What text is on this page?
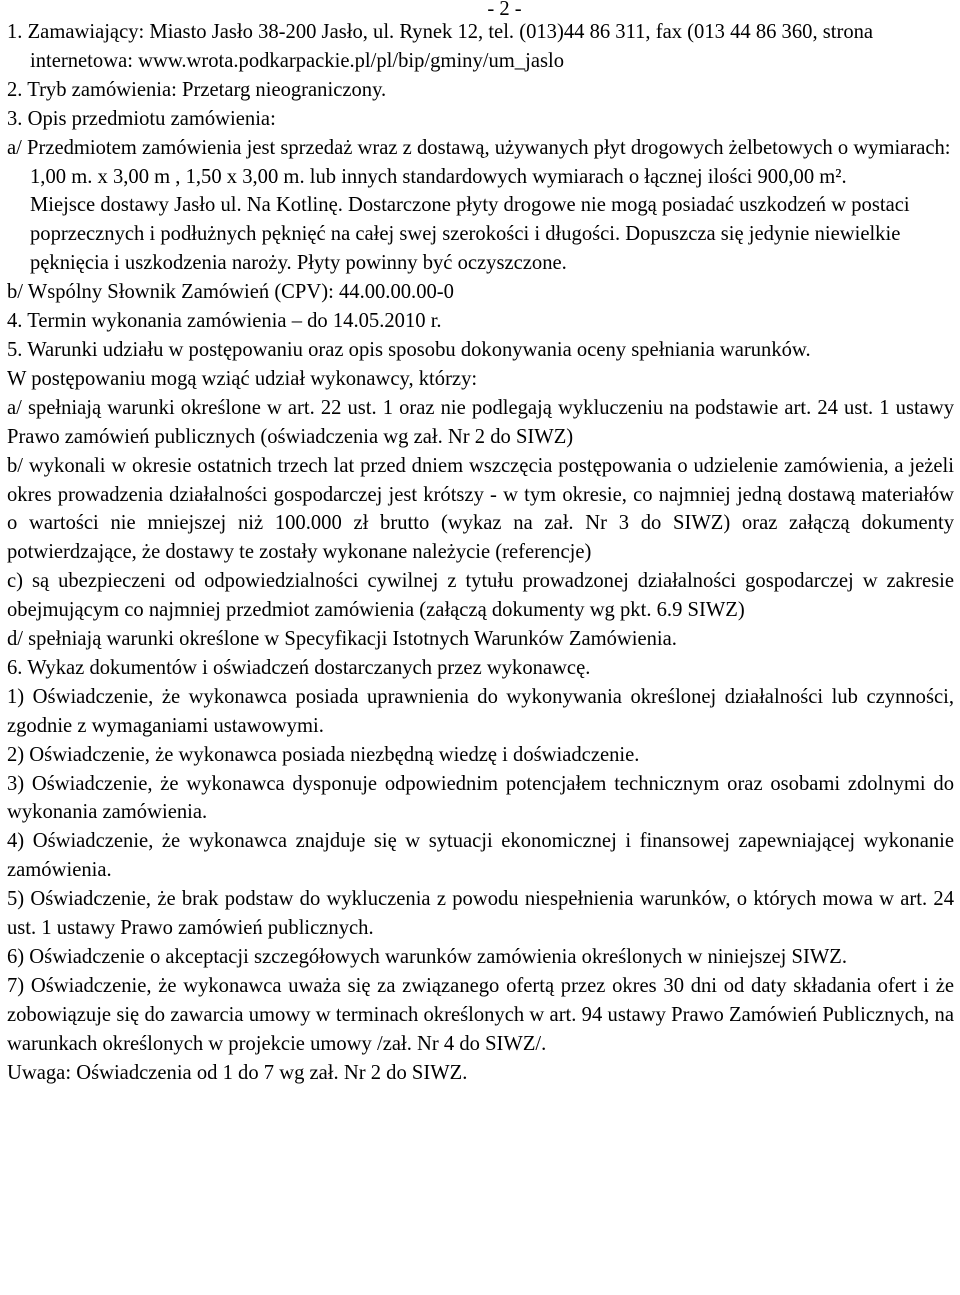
- 2 -

1. Zamawiający: Miasto Jasło 38-200 Jasło, ul. Rynek 12, tel. (013)44 86 311, fax (013 44 86 360, strona internetowa: www.wrota.podkarpackie.pl/pl/bip/gminy/um_jaslo

2. Tryb zamówienia: Przetarg nieograniczony.

3. Opis przedmiotu zamówienia:

a/ Przedmiotem zamówienia jest sprzedaż wraz z dostawą, używanych płyt drogowych żelbetowych o wymiarach: 1,00 m. x 3,00 m , 1,50 x 3,00 m. lub innych standardowych wymiarach o łącznej ilości 900,00 m².

Miejsce dostawy Jasło ul. Na Kotlinę. Dostarczone płyty drogowe nie mogą posiadać uszkodzeń w postaci poprzecznych i podłużnych pęknięć na całej swej szerokości i długości. Dopuszcza się jedynie niewielkie pęknięcia i uszkodzenia naroży. Płyty powinny być oczyszczone.

b/ Wspólny Słownik Zamówień (CPV): 44.00.00.00-0

4. Termin wykonania zamówienia – do 14.05.2010 r.

5. Warunki udziału w postępowaniu oraz opis sposobu dokonywania oceny spełniania warunków.

W postępowaniu mogą wziąć udział wykonawcy, którzy:

a/ spełniają warunki określone w art. 22 ust. 1 oraz nie podlegają wykluczeniu na podstawie art. 24 ust. 1 ustawy Prawo zamówień publicznych (oświadczenia wg zał. Nr 2 do SIWZ)

b/ wykonali w okresie ostatnich trzech lat przed dniem wszczęcia postępowania o udzielenie zamówienia, a jeżeli okres prowadzenia działalności gospodarczej jest krótszy - w tym okresie, co najmniej jedną dostawą materiałów o wartości nie mniejszej niż 100.000 zł brutto (wykaz na zał. Nr 3 do SIWZ) oraz załączą dokumenty potwierdzające, że dostawy te zostały wykonane należycie (referencje)

c) są ubezpieczeni od odpowiedzialności cywilnej z tytułu prowadzonej działalności gospodarczej w zakresie obejmującym co najmniej przedmiot zamówienia (załączą dokumenty wg pkt. 6.9 SIWZ)

d/ spełniają warunki określone w Specyfikacji Istotnych Warunków Zamówienia.

6. Wykaz dokumentów i oświadczeń dostarczanych przez wykonawcę.

1) Oświadczenie, że wykonawca posiada uprawnienia do wykonywania określonej działalności lub czynności, zgodnie z wymaganiami ustawowymi.

2) Oświadczenie, że wykonawca posiada niezbędną wiedzę i doświadczenie.

3) Oświadczenie, że wykonawca dysponuje odpowiednim potencjałem technicznym oraz osobami zdolnymi do wykonania zamówienia.

4) Oświadczenie, że wykonawca znajduje się w sytuacji ekonomicznej i finansowej zapewniającej wykonanie zamówienia.

5) Oświadczenie, że brak podstaw do wykluczenia z powodu niespełnienia warunków, o których mowa w art. 24 ust. 1 ustawy Prawo zamówień publicznych.

6) Oświadczenie o akceptacji szczegółowych warunków zamówienia określonych w niniejszej SIWZ.

7) Oświadczenie, że wykonawca uważa się za związanego ofertą przez okres 30 dni od daty składania ofert i że zobowiązuje się do zawarcia umowy w terminach określonych w art. 94 ustawy Prawo Zamówień Publicznych, na warunkach określonych w projekcie umowy /zał. Nr 4 do SIWZ/.

Uwaga: Oświadczenia od 1 do 7 wg zał. Nr 2 do SIWZ.
